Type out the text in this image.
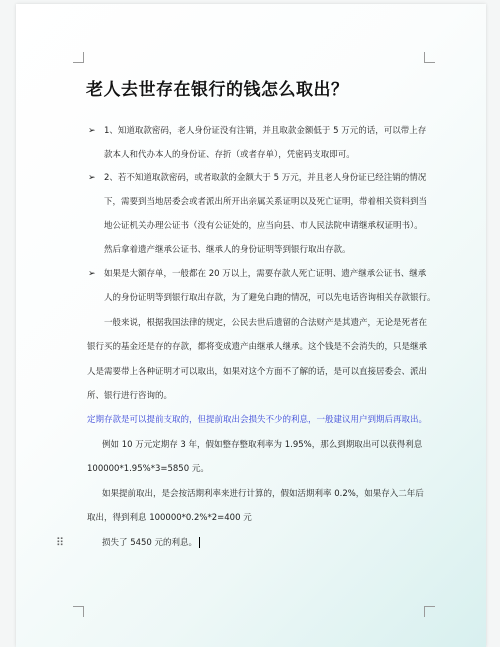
老人去世存在银行的钱怎么取出？
➢ 1、知道取款密码，老人身份证没有注销，并且取款金额低于 5 万元的话，可以带上存
款本人和代办本人的身份证、存折（或者存单），凭密码支取即可。
➢ 2、若不知道取款密码，或者取款的金额大于 5 万元，并且老人身份证已经注销的情况
下，需要到当地居委会或者派出所开出亲属关系证明以及死亡证明，带着相关资料到当
地公证机关办理公证书（没有公证处的，应当向县、市人民法院申请继承权证明书）。
然后拿着遗产继承公证书、继承人的身份证明等到银行取出存款。
➢ 如果是大额存单，一般都在 20 万以上，需要存款人死亡证明、遗产继承公证书、继承
人的身份证明等到银行取出存款，为了避免白跑的情况，可以先电话咨询相关存款银行。
一般来说，根据我国法律的规定，公民去世后遗留的合法财产是其遗产，无论是死者在
银行买的基金还是存的存款，都将变成遗产由继承人继承。这个钱是不会消失的，只是继承
人是需要带上各种证明才可以取出，如果对这个方面不了解的话，是可以直接居委会、派出
所、银行进行咨询的。
定期存款是可以提前支取的，但提前取出会损失不少的利息，一般建议用户到期后再取出。
例如 10 万元定期存 3 年，假如整存整取利率为 1.95%，那么到期取出可以获得利息
100000*1.95%*3=5850 元。
如果提前取出，是会按活期利率来进行计算的，假如活期利率 0.2%，如果存入二年后
取出，得到利息 100000*0.2%*2=400 元
⠿	损失了 5450 元的利息。
